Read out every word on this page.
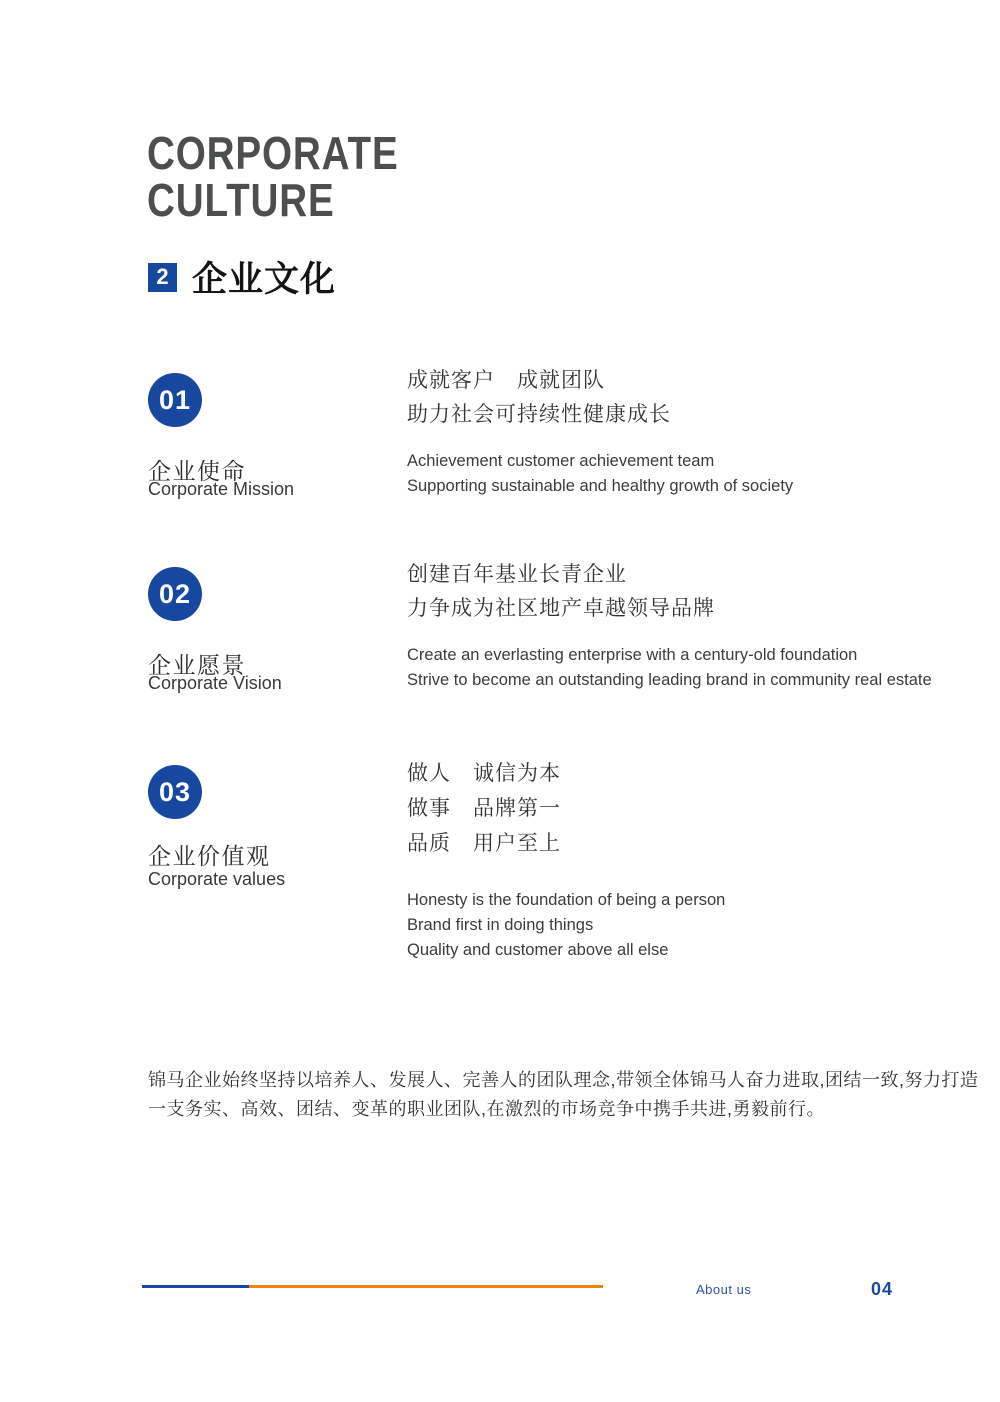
CORPORATE
CULTURE
2 企业文化
01
企业使命
Corporate Mission
成就客户　成就团队
助力社会可持续性健康成长
Achievement customer achievement team
Supporting sustainable and healthy growth of society
02
企业愿景
Corporate Vision
创建百年基业长青企业
力争成为社区地产卓越领导品牌
Create an everlasting enterprise with a century-old foundation
Strive to become an outstanding leading brand in community real estate
03
企业价值观
Corporate values
做人　诚信为本
做事　品牌第一
品质　用户至上
Honesty is the foundation of being a person
Brand first in doing things
Quality and customer above all else
锦马企业始终坚持以培养人、发展人、完善人的团队理念,带领全体锦马人奋力进取,团结一致,努力打造
一支务实、高效、团结、变革的职业团队,在激烈的市场竞争中携手共进,勇毅前行。
About us	04
